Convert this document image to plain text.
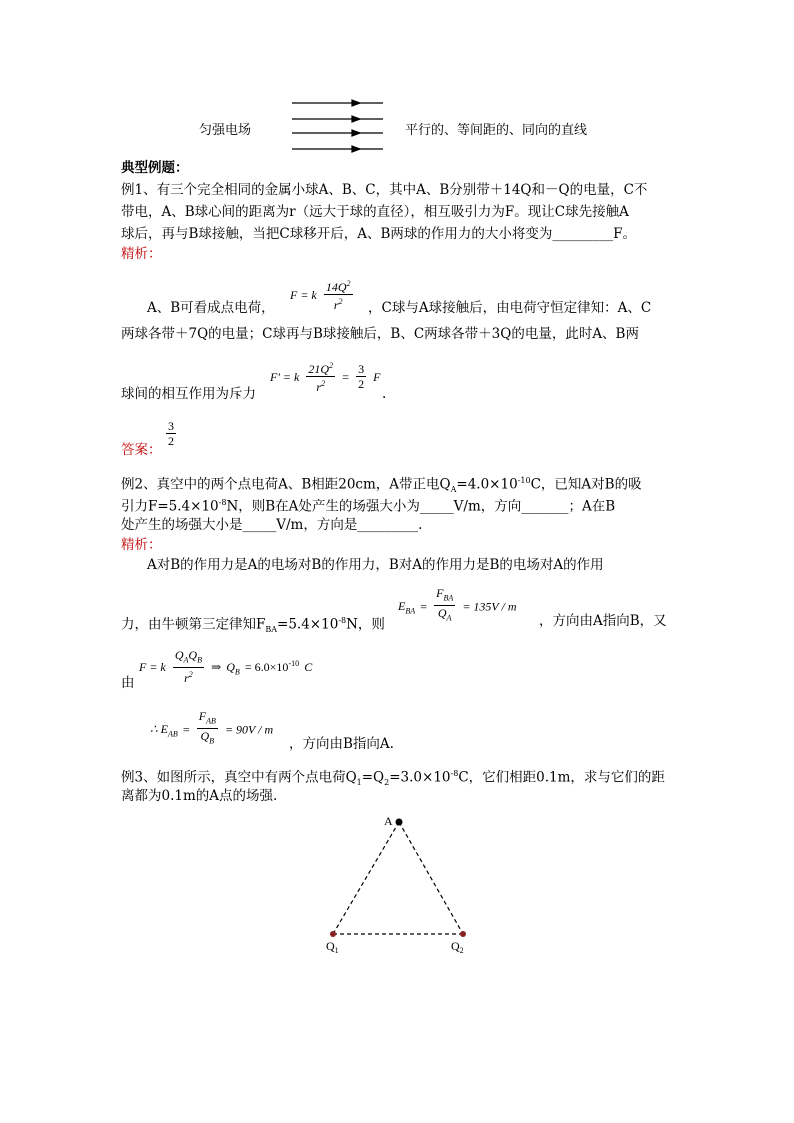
匀强电场	平行的、等间距的、同向的直线
典型例题：
例1、有三个完全相同的金属小球A、B、C，其中A、B分别带＋14Q和－Q的电量，C不
带电，A、B球心间的距离为r（远大于球的直径），相互吸引力为F。现让C球先接触A
球后，再与B球接触，当把C球移开后，A、B两球的作用力的大小将变为_________F。
精析：
F = k $\frac{14Q^2}{r^2}$
A、B可看成点电荷，	，C球与A球接触后，由电荷守恒定律知：A、C
两球各带＋7Q的电量；C球再与B球接触后，B、C两球各带＋3Q的电量，此时A、B两
F' = k $\frac{21Q^2}{r^2} = \frac{3}{2}$ F
球间的相互作用为斥力	.
答案：
$\frac{3}{2}$
例2、真空中的两个点电荷A、B相距20cm，A带正电$Q_A=4.0\times 10^{-10}C$，已知A对B的吸
引力$F=5.4\times 10^{-8}N$，则B在A处产生的场强大小为_____V/m，方向_______；A在B
处产生的场强大小是_____V/m，方向是_________.
精析：
A对B的作用力是A的电场对B的作用力，B对A的作用力是B的电场对A的作用
$E_{BA} = \frac{F_{BA}}{Q_A} = 135V / m$
力，由牛顿第三定律知$F_{BA}=5.4\times 10^{-8}N$，则	，方向由A指向B，又
F = k $\frac{Q_AQ_B}{r^2}$ ⇒ $Q_B = 6.0\times 10^{-10}$ C
由
∴ $E_{AB} = \frac{F_{AB}}{Q_B} = 90V / m$
，方向由B指向A.
例3、如图所示，真空中有两个点电荷$Q_1=Q_2=3.0\times 10^{-8}C$，它们相距0.1m，求与它们的距
离都为0.1m的A点的场强.
A
$Q_1$	$Q_2$
